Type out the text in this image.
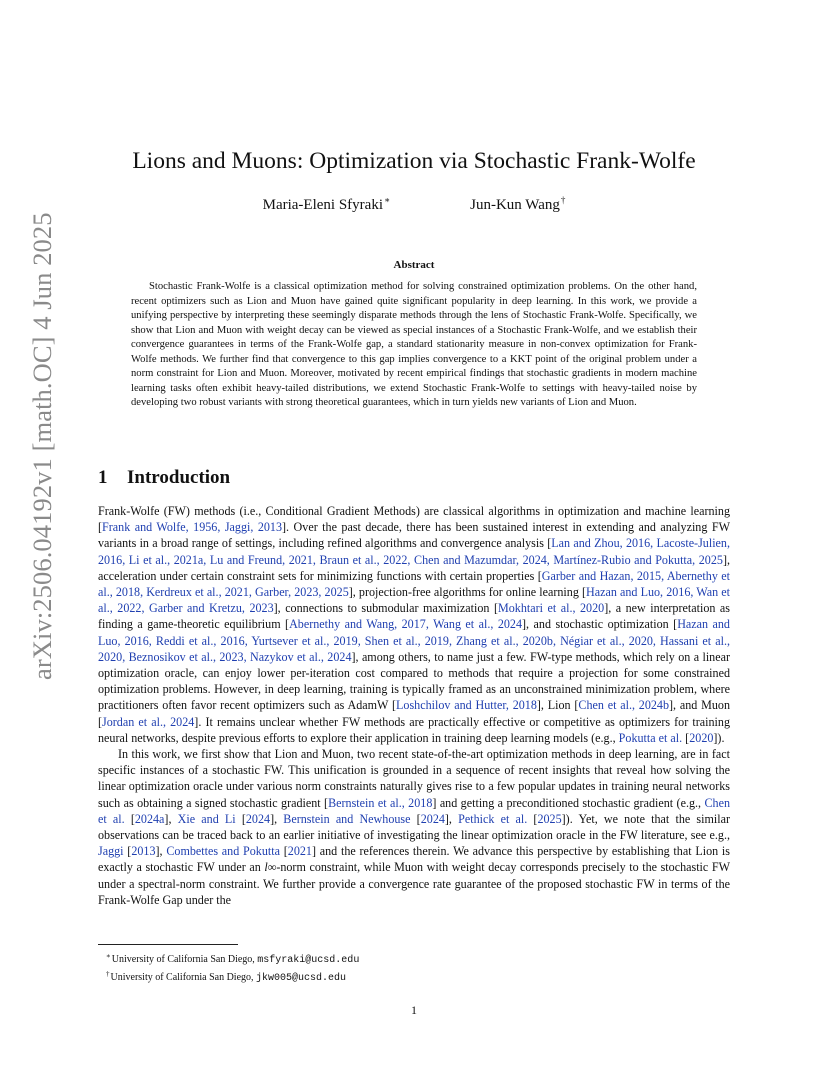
arXiv:2506.04192v1 [math.OC] 4 Jun 2025
Lions and Muons: Optimization via Stochastic Frank-Wolfe
Maria-Eleni Sfyraki∗	Jun-Kun Wang†
Abstract

Stochastic Frank-Wolfe is a classical optimization method for solving constrained optimization problems. On the other hand, recent optimizers such as Lion and Muon have gained quite significant popularity in deep learning. In this work, we provide a unifying perspective by interpreting these seemingly disparate methods through the lens of Stochastic Frank-Wolfe. Specifically, we show that Lion and Muon with weight decay can be viewed as special instances of a Stochastic Frank-Wolfe, and we establish their convergence guarantees in terms of the Frank-Wolfe gap, a standard stationarity measure in non-convex optimization for Frank-Wolfe methods. We further find that convergence to this gap implies convergence to a KKT point of the original problem under a norm constraint for Lion and Muon. Moreover, motivated by recent empirical findings that stochastic gradients in modern machine learning tasks often exhibit heavy-tailed distributions, we extend Stochastic Frank-Wolfe to settings with heavy-tailed noise by developing two robust variants with strong theoretical guarantees, which in turn yields new variants of Lion and Muon.

1 Introduction

Frank-Wolfe (FW) methods (i.e., Conditional Gradient Methods) are classical algorithms in optimization and machine learning [Frank and Wolfe, 1956, Jaggi, 2013]. Over the past decade, there has been sustained interest in extending and analyzing FW variants in a broad range of settings, including refined algorithms and convergence analysis [Lan and Zhou, 2016, Lacoste-Julien, 2016, Li et al., 2021a, Lu and Freund, 2021, Braun et al., 2022, Chen and Mazumdar, 2024, Martínez-Rubio and Pokutta, 2025], acceleration under certain constraint sets for minimizing functions with certain properties [Garber and Hazan, 2015, Abernethy et al., 2018, Kerdreux et al., 2021, Garber, 2023, 2025], projection-free algorithms for online learning [Hazan and Luo, 2016, Wan et al., 2022, Garber and Kretzu, 2023], connections to submodular maximization [Mokhtari et al., 2020], a new interpretation as finding a game-theoretic equilibrium [Abernethy and Wang, 2017, Wang et al., 2024], and stochastic optimization [Hazan and Luo, 2016, Reddi et al., 2016, Yurtsever et al., 2019, Shen et al., 2019, Zhang et al., 2020b, Négiar et al., 2020, Hassani et al., 2020, Beznosikov et al., 2023, Nazykov et al., 2024], among others, to name just a few. FW-type methods, which rely on a linear optimization oracle, can enjoy lower per-iteration cost compared to methods that require a projection for some constrained optimization problems. However, in deep learning, training is typically framed as an unconstrained minimization problem, where practitioners often favor recent optimizers such as AdamW [Loshchilov and Hutter, 2018], Lion [Chen et al., 2024b], and Muon [Jordan et al., 2024]. It remains unclear whether FW methods are practically effective or competitive as optimizers for training neural networks, despite previous efforts to explore their application in training deep learning models (e.g., Pokutta et al. [2020]).

In this work, we first show that Lion and Muon, two recent state-of-the-art optimization methods in deep learning, are in fact specific instances of a stochastic FW. This unification is grounded in a sequence of recent insights that reveal how solving the linear optimization oracle under various norm constraints naturally gives rise to a few popular updates in training neural networks such as obtaining a signed stochastic gradient [Bernstein et al., 2018] and getting a preconditioned stochastic gradient (e.g., Chen et al. [2024a], Xie and Li [2024], Bernstein and Newhouse [2024], Pethick et al. [2025]). Yet, we note that the similar observations can be traced back to an earlier initiative of investigating the linear optimization oracle in the FW literature, see e.g., Jaggi [2013], Combettes and Pokutta [2021] and the references therein. We advance this perspective by establishing that Lion is exactly a stochastic FW under an l∞-norm constraint, while Muon with weight decay corresponds precisely to the stochastic FW under a spectral-norm constraint. We further provide a convergence rate guarantee of the proposed stochastic FW in terms of the Frank-Wolfe Gap under the

∗University of California San Diego, msfyraki@ucsd.edu
†University of California San Diego, jkw005@ucsd.edu
1
